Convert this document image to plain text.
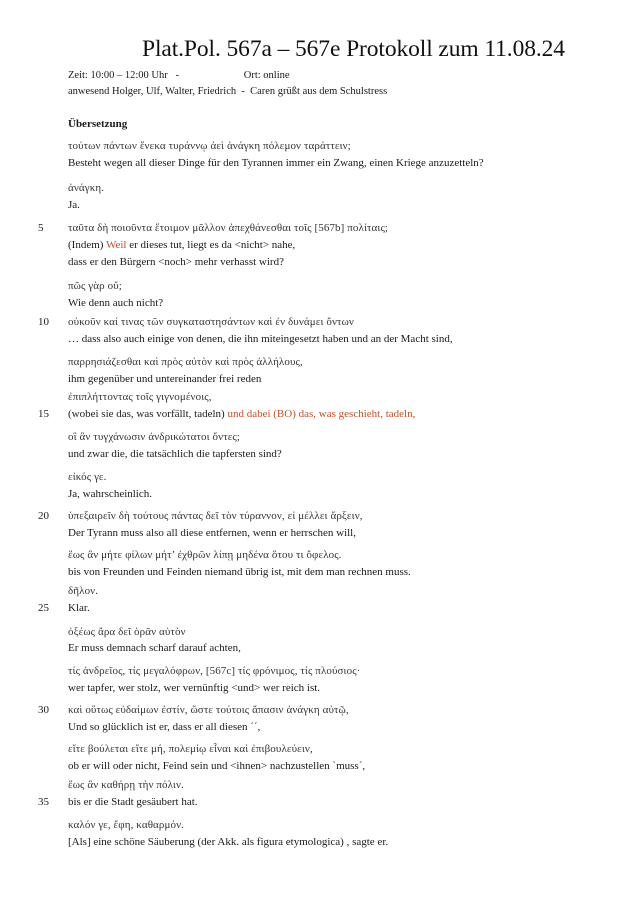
Plat.Pol. 567a – 567e Protokoll zum 11.08.24
Zeit: 10:00 – 12:00 Uhr -	Ort: online
anwesend Holger, Ulf, Walter, Friedrich - Caren grüßt aus dem Schulstress
Übersetzung
5
10
15
20
25
30
35
τούτων πάντων ἕνεκα τυράννῳ ἀεὶ ἀνάγκη πόλεμον ταράττειν;
Besteht wegen all dieser Dinge für den Tyrannen immer ein Zwang, einen Kriege anzuzetteln?
ἀνάγκη.
Ja.
ταῦτα δὴ ποιοῦντα ἕτοιμον μᾶλλον ἀπεχθάνεσθαι τοῖς [567b] πολίταις;
(Indem) Weil er dieses tut, liegt es da <nicht> nahe,
dass er den Bürgern <noch> mehr verhasst wird?
πῶς γὰρ οὔ;
Wie denn auch nicht?
οὐκοῦν καί τινας τῶν συγκαταστησάντων καὶ ἐν δυνάμει ὄντων
… dass also auch einige von denen, die ihn miteingesetzt haben und an der Macht sind,
παρρησιάζεσθαι καὶ πρὸς αὐτὸν καὶ πρὸς ἀλλήλους,
ihm gegenüber und untereinander frei reden
ἐπιπλήττοντας τοῖς γιγνομένοις,
(wobei sie das, was vorfällt, tadeln) und dabei (BO) das, was geschieht, tadeln,
οἳ ἂν τυγχάνωσιν ἀνδρικώτατοι ὄντες;
und zwar die, die tatsächlich die tapfersten sind?
εἰκός γε.
Ja, wahrscheinlich.
ὑπεξαιρεῖν δὴ τούτους πάντας δεῖ τὸν τύραννον, εἰ μέλλει ἄρξειν,
Der Tyrann muss also all diese entfernen, wenn er herrschen will,
ἕως ἂν μήτε φίλων μήτ’ ἐχθρῶν λίπῃ μηδένα ὅτου τι ὄφελος.
bis von Freunden und Feinden niemand übrig ist, mit dem man rechnen muss.
δῆλον.
Klar.
ὀξέως ἄρα δεῖ ὁρᾶν αὐτὸν
Er muss demnach scharf darauf achten,
τίς ἀνδρεῖος, τίς μεγαλόφρων, [567c] τίς φρόνιμος, τίς πλούσιος·
wer tapfer, wer stolz, wer vernünftig <und> wer reich ist.
καὶ οὕτως εὐδαίμων ἐστίν, ὥστε τούτοις ἅπασιν ἀνάγκη αὐτῷ,
Und so glücklich ist er, dass er all diesen ´´,
εἴτε βούλεται εἴτε μή, πολεμίῳ εἶναι καὶ ἐπιβουλεύειν,
ob er will oder nicht, Feind sein und <ihnen> nachzustellen `muss´,
ἕως ἂν καθήρῃ τὴν πόλιν.
bis er die Stadt gesäubert hat.
καλόν γε, ἔφη, καθαρμόν.
[Als] eine schöne Säuberung (der Akk. als figura etymologica) , sagte er.
